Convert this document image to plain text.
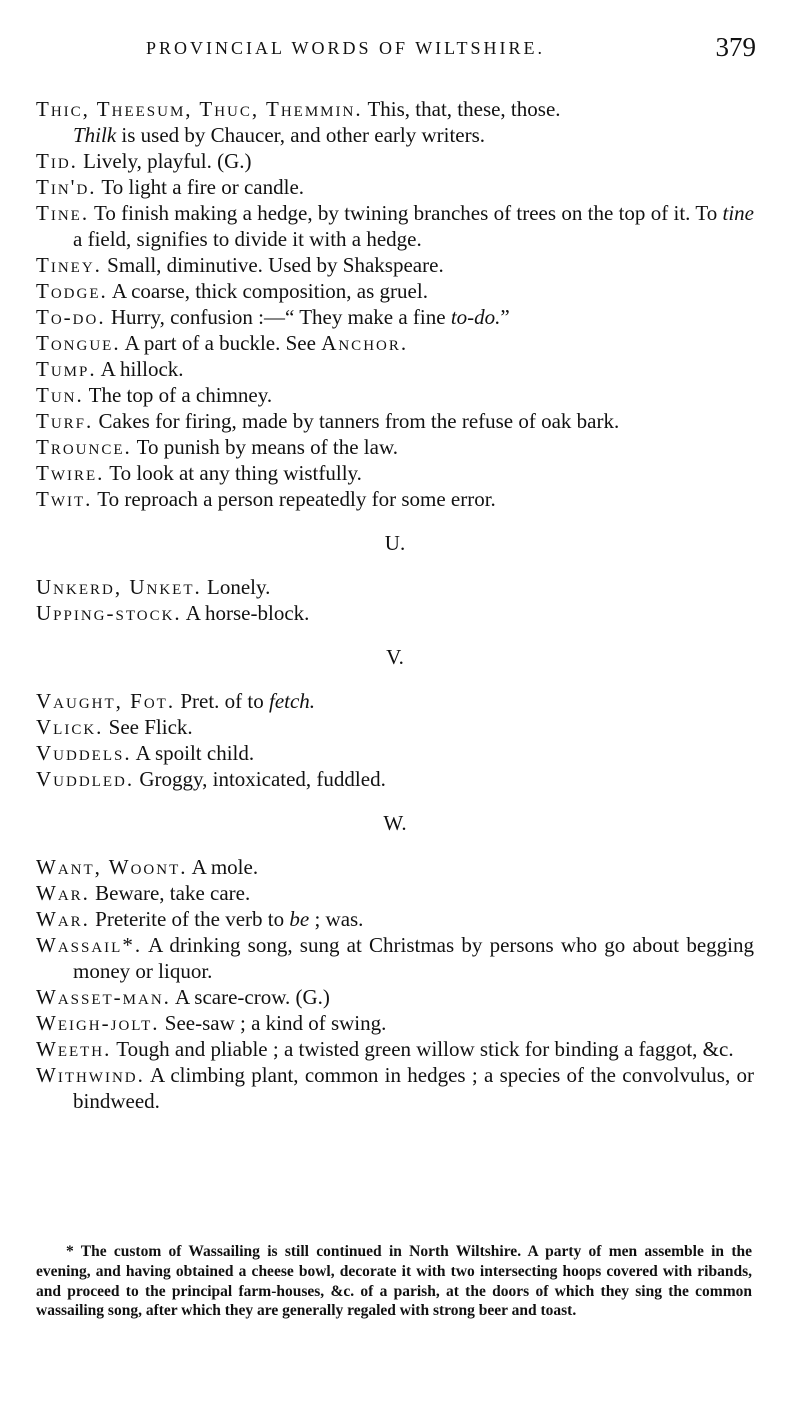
PROVINCIAL WORDS OF WILTSHIRE.	379
Thic, Theesum, Thuc, Themmin. This, that, these, those.
Thilk is used by Chaucer, and other early writers.
Tid. Lively, playful. (G.)
Tin'd. To light a fire or candle.
Tine. To finish making a hedge, by twining branches of trees on the top of it. To tine a field, signifies to divide it with a hedge.
Tiney. Small, diminutive. Used by Shakspeare.
Todge. A coarse, thick composition, as gruel.
To-do. Hurry, confusion :—“ They make a fine to-do.”
Tongue. A part of a buckle. See Anchor.
Tump. A hillock.
Tun. The top of a chimney.
Turf. Cakes for firing, made by tanners from the refuse of oak bark.
Trounce. To punish by means of the law.
Twire. To look at any thing wistfully.
Twit. To reproach a person repeatedly for some error.
U.
Unkerd, Unket. Lonely.
Upping-stock. A horse-block.
V.
Vaught, Fot. Pret. of to fetch.
Vlick. See Flick.
Vuddels. A spoilt child.
Vuddled. Groggy, intoxicated, fuddled.
W.
Want, Woont. A mole.
War. Beware, take care.
War. Preterite of the verb to be ; was.
Wassail*. A drinking song, sung at Christmas by persons who go about begging money or liquor.
Wasset-man. A scare-crow. (G.)
Weigh-jolt. See-saw ; a kind of swing.
Weeth. Tough and pliable ; a twisted green willow stick for binding a faggot, &c.
Withwind. A climbing plant, common in hedges ; a species of the convolvulus, or bindweed.
* The custom of Wassailing is still continued in North Wiltshire. A party of men assemble in the evening, and having obtained a cheese bowl, decorate it with two intersecting hoops covered with ribands, and proceed to the principal farm-houses, &c. of a parish, at the doors of which they sing the common wassailing song, after which they are generally regaled with strong beer and toast.
